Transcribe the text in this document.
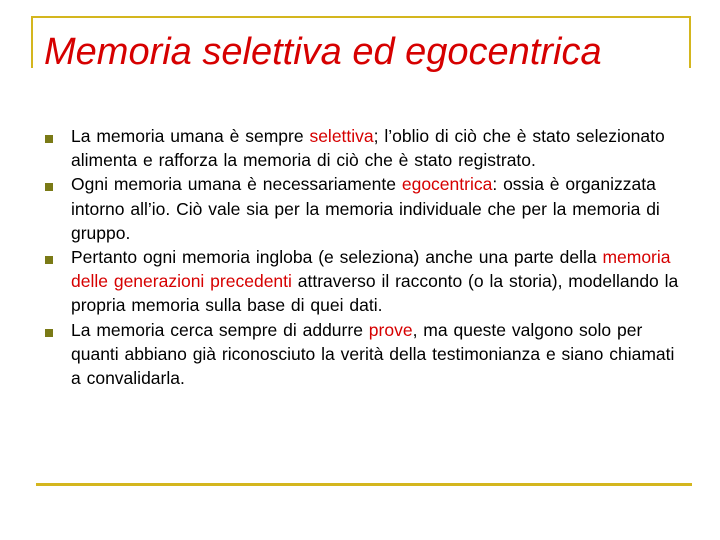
Memoria selettiva ed egocentrica
La memoria umana è sempre selettiva; l’oblio di ciò che è stato selezionato alimenta e rafforza la memoria di ciò che è stato registrato.
Ogni memoria umana è necessariamente egocentrica: ossia è organizzata intorno all’io. Ciò vale sia per la memoria individuale che per la memoria di gruppo.
Pertanto ogni memoria ingloba (e seleziona) anche una parte della memoria delle generazioni precedenti attraverso il racconto (o la storia), modellando la propria memoria sulla base di quei dati.
La memoria cerca sempre di addurre prove, ma queste valgono solo per quanti abbiano già riconosciuto la verità della testimonianza e siano chiamati a convalidarla.
